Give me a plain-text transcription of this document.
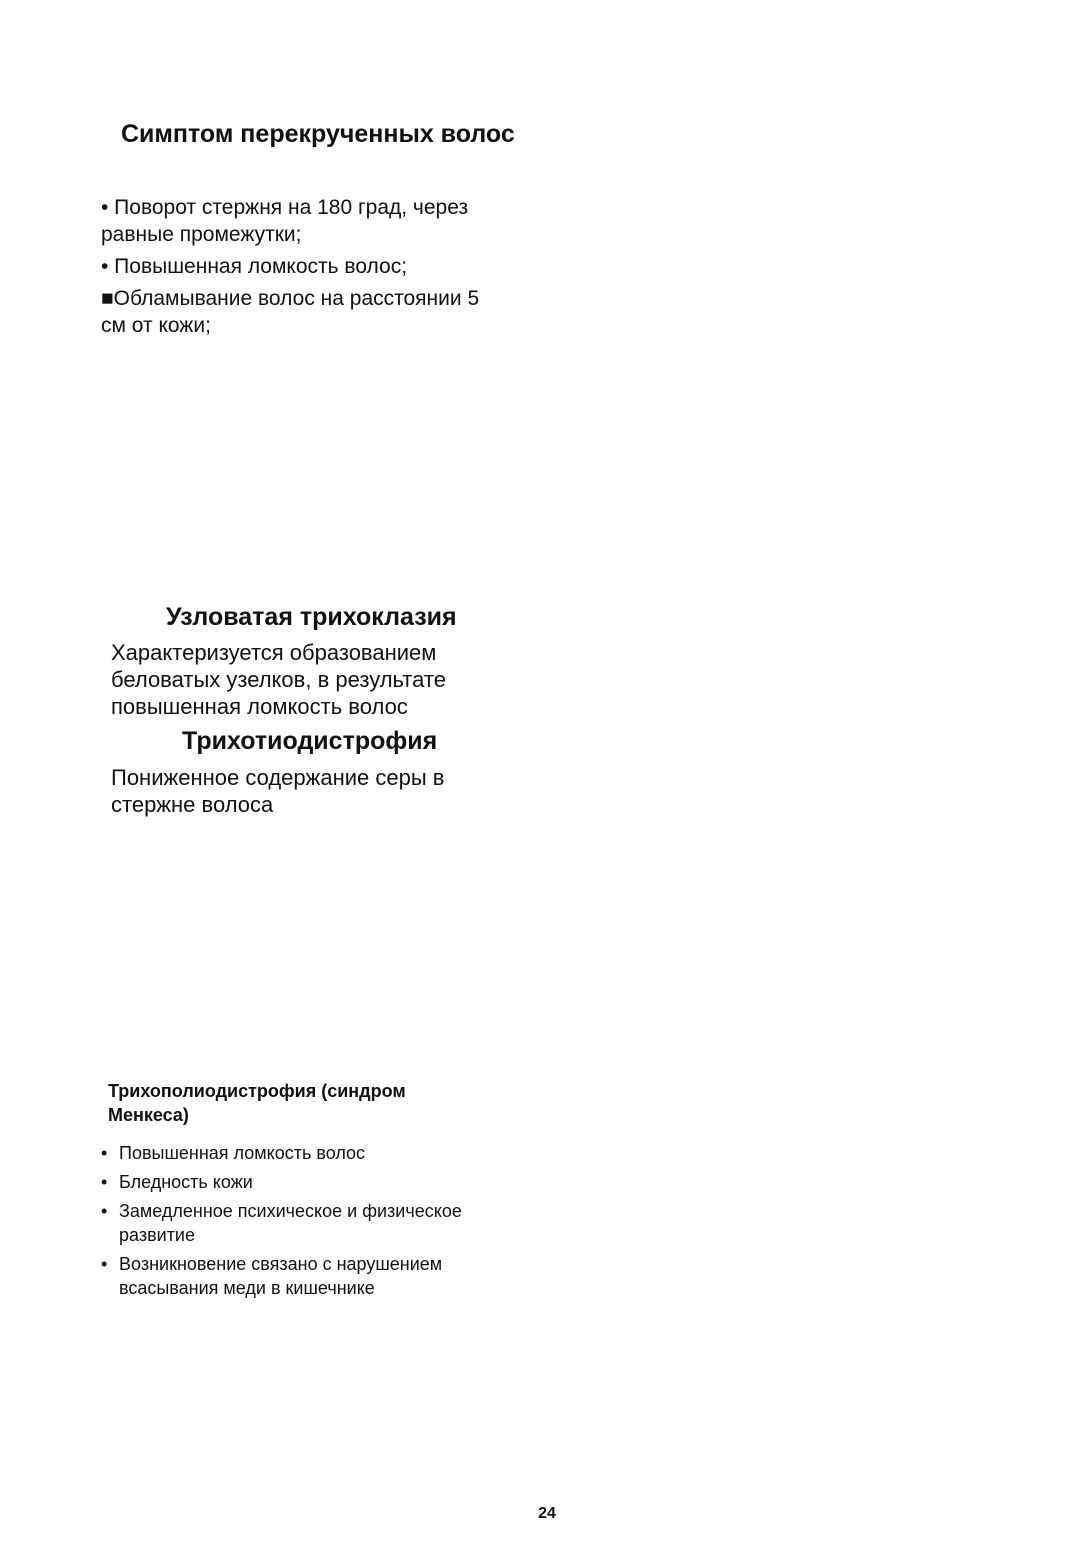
Симптом перекрученных волос

• Поворот стержня на 180 град, через равные промежутки;

• Повышенная ломкость волос;

■Обламывание волос на расстоянии 5 см от кожи;

Узловатая трихоклазия

Характеризуется образованием беловатых узелков, в результате повышенная ломкость волос

Трихотиодистрофия

Пониженное содержание серы в стержне волоса

Трихополиодистрофия (синдром Менкеса)
• Повышенная ломкость волос
• Бледность кожи
• Замедленное психическое и физическое развитие
• Возникновение связано с нарушением всасывания меди в кишечнике
24
